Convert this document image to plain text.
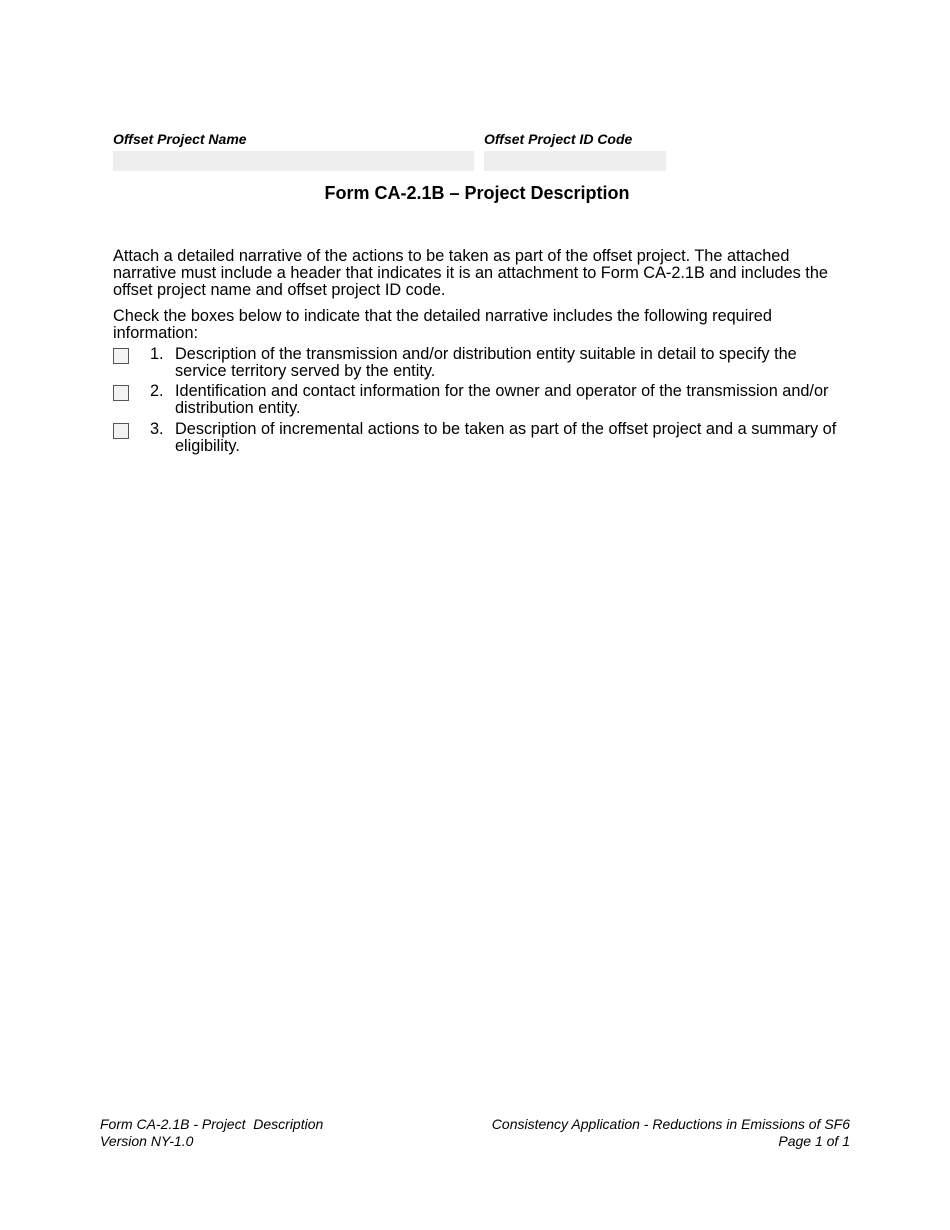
Offset Project Name	Offset Project ID Code
Form CA-2.1B – Project Description
Attach a detailed narrative of the actions to be taken as part of the offset project. The attached narrative must include a header that indicates it is an attachment to Form CA-2.1B and includes the offset project name and offset project ID code.
Check the boxes below to indicate that the detailed narrative includes the following required information:
1. Description of the transmission and/or distribution entity suitable in detail to specify the service territory served by the entity.
2. Identification and contact information for the owner and operator of the transmission and/or distribution entity.
3. Description of incremental actions to be taken as part of the offset project and a summary of eligibility.
Form CA-2.1B - Project  Description
Version NY-1.0
Consistency Application - Reductions in Emissions of SF6
Page 1 of 1
